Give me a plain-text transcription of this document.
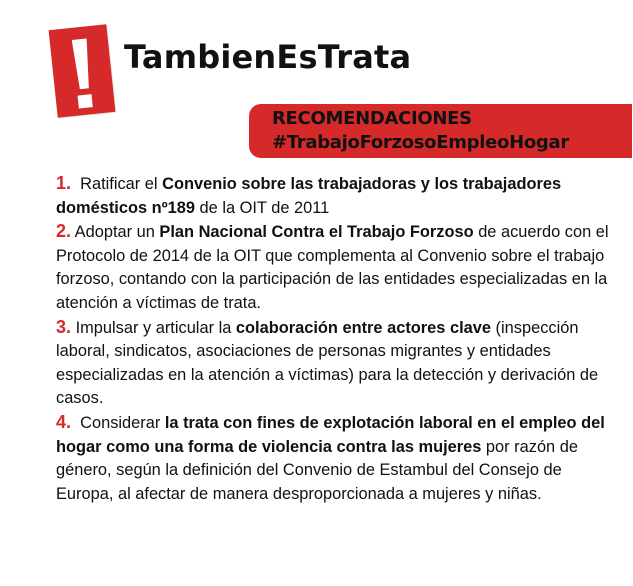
TambienEsTrata
RECOMENDACIONES
#TrabajoForzosoEmpleoHogar

1. Ratificar el Convenio sobre las trabajadoras y los trabajadores domésticos nº189 de la OIT de 2011

2. Adoptar un Plan Nacional Contra el Trabajo Forzoso de acuerdo con el Protocolo de 2014 de la OIT que complementa al Convenio sobre el trabajo forzoso, contando con la participación de las entidades especializadas en la atención a víctimas de trata.

3. Impulsar y articular la colaboración entre actores clave (inspección laboral, sindicatos, asociaciones de personas migrantes y entidades especializadas en la atención a víctimas) para la detección y derivación de casos.

4. Considerar la trata con fines de explotación laboral en el empleo del hogar como una forma de violencia contra las mujeres por razón de género, según la definición del Convenio de Estambul del Consejo de Europa, al afectar de manera desproporcionada a mujeres y niñas.
